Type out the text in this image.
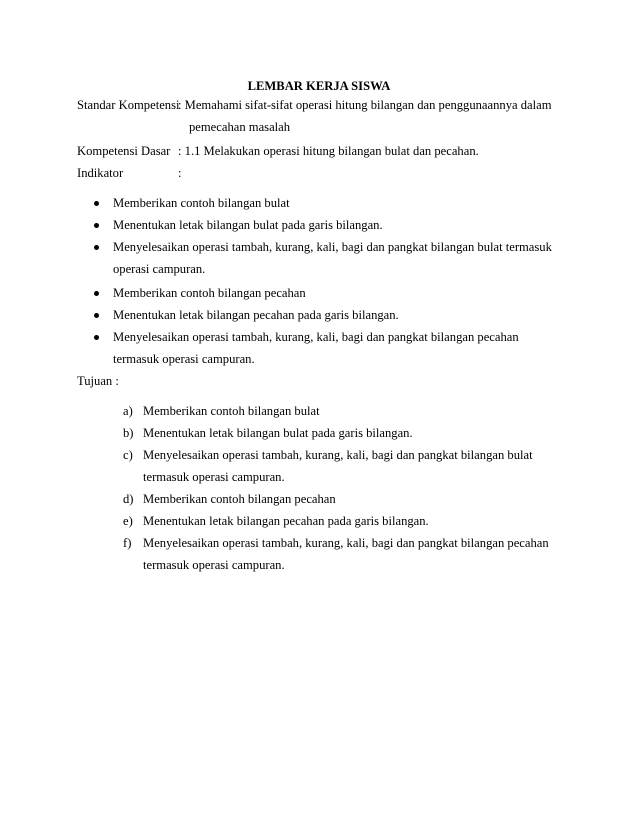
LEMBAR KERJA SISWA
Standar Kompetensi
: Memahami sifat-sifat operasi hitung bilangan dan penggunaannya dalam
pemecahan masalah
Kompetensi Dasar : 1.1 Melakukan operasi hitung bilangan bulat dan pecahan.
Indikator	:
Memberikan contoh bilangan bulat
Menentukan letak bilangan bulat pada garis bilangan.
Menyelesaikan operasi tambah, kurang, kali, bagi dan pangkat bilangan bulat termasuk
operasi campuran.
Memberikan contoh bilangan pecahan
Menentukan letak bilangan pecahan pada garis bilangan.
Menyelesaikan operasi tambah, kurang, kali, bagi dan pangkat bilangan pecahan
termasuk operasi campuran.
Tujuan :
a) Memberikan contoh bilangan bulat
b) Menentukan letak bilangan bulat pada garis bilangan.
c) Menyelesaikan operasi tambah, kurang, kali, bagi dan pangkat bilangan bulat
termasuk operasi campuran.
d) Memberikan contoh bilangan pecahan
e) Menentukan letak bilangan pecahan pada garis bilangan.
f) Menyelesaikan operasi tambah, kurang, kali, bagi dan pangkat bilangan pecahan
termasuk operasi campuran.
